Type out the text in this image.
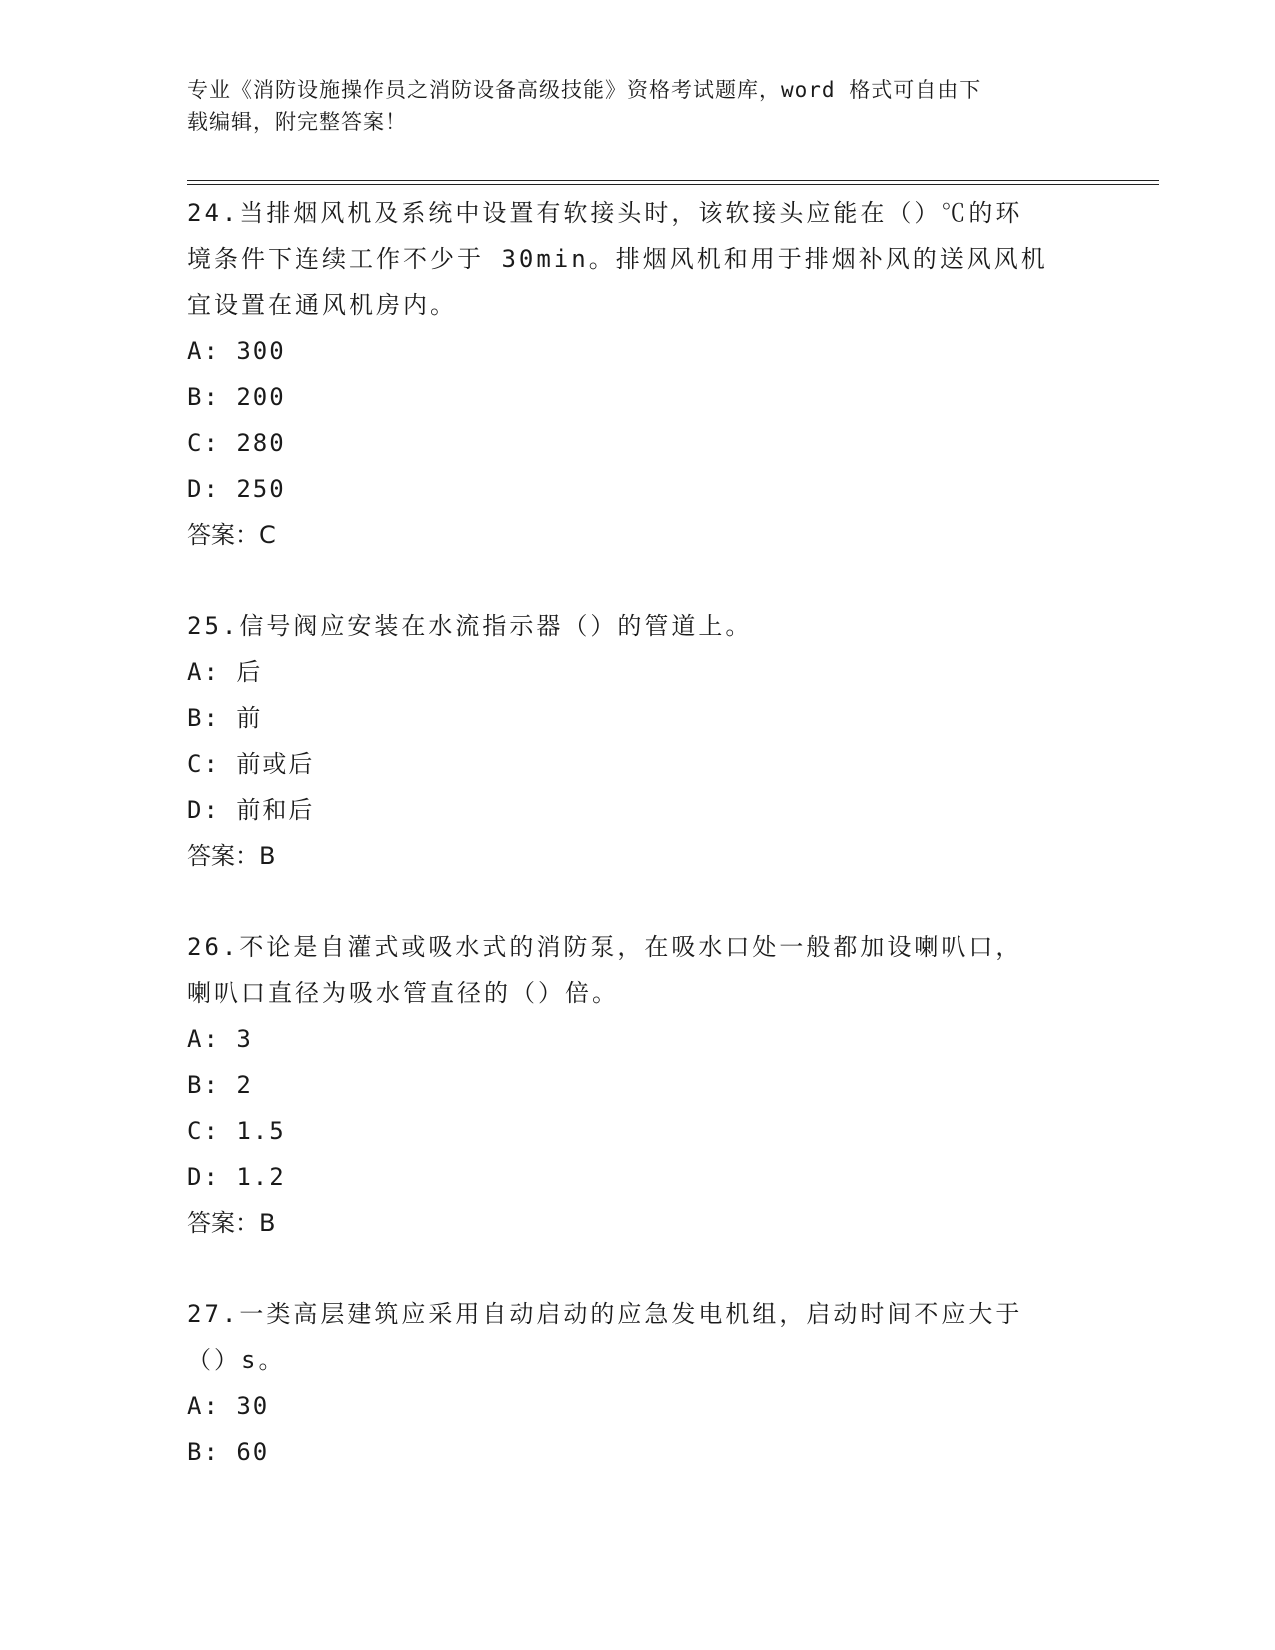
专业《消防设施操作员之消防设备高级技能》资格考试题库，word 格式可自由下
载编辑，附完整答案！

24.当排烟风机及系统中设置有软接头时，该软接头应能在（）℃的环

境条件下连续工作不少于 30min。排烟风机和用于排烟补风的送风风机

宜设置在通风机房内。

A: 300

B: 200

C: 280

D: 250

答案：C

25.信号阀应安装在水流指示器（）的管道上。

A: 后

B: 前

C: 前或后

D: 前和后

答案：B

26.不论是自灌式或吸水式的消防泵，在吸水口处一般都加设喇叭口，

喇叭口直径为吸水管直径的（）倍。

A: 3

B: 2

C: 1.5

D: 1.2

答案：B

27.一类高层建筑应采用自动启动的应急发电机组，启动时间不应大于

（）s。

A: 30

B: 60
